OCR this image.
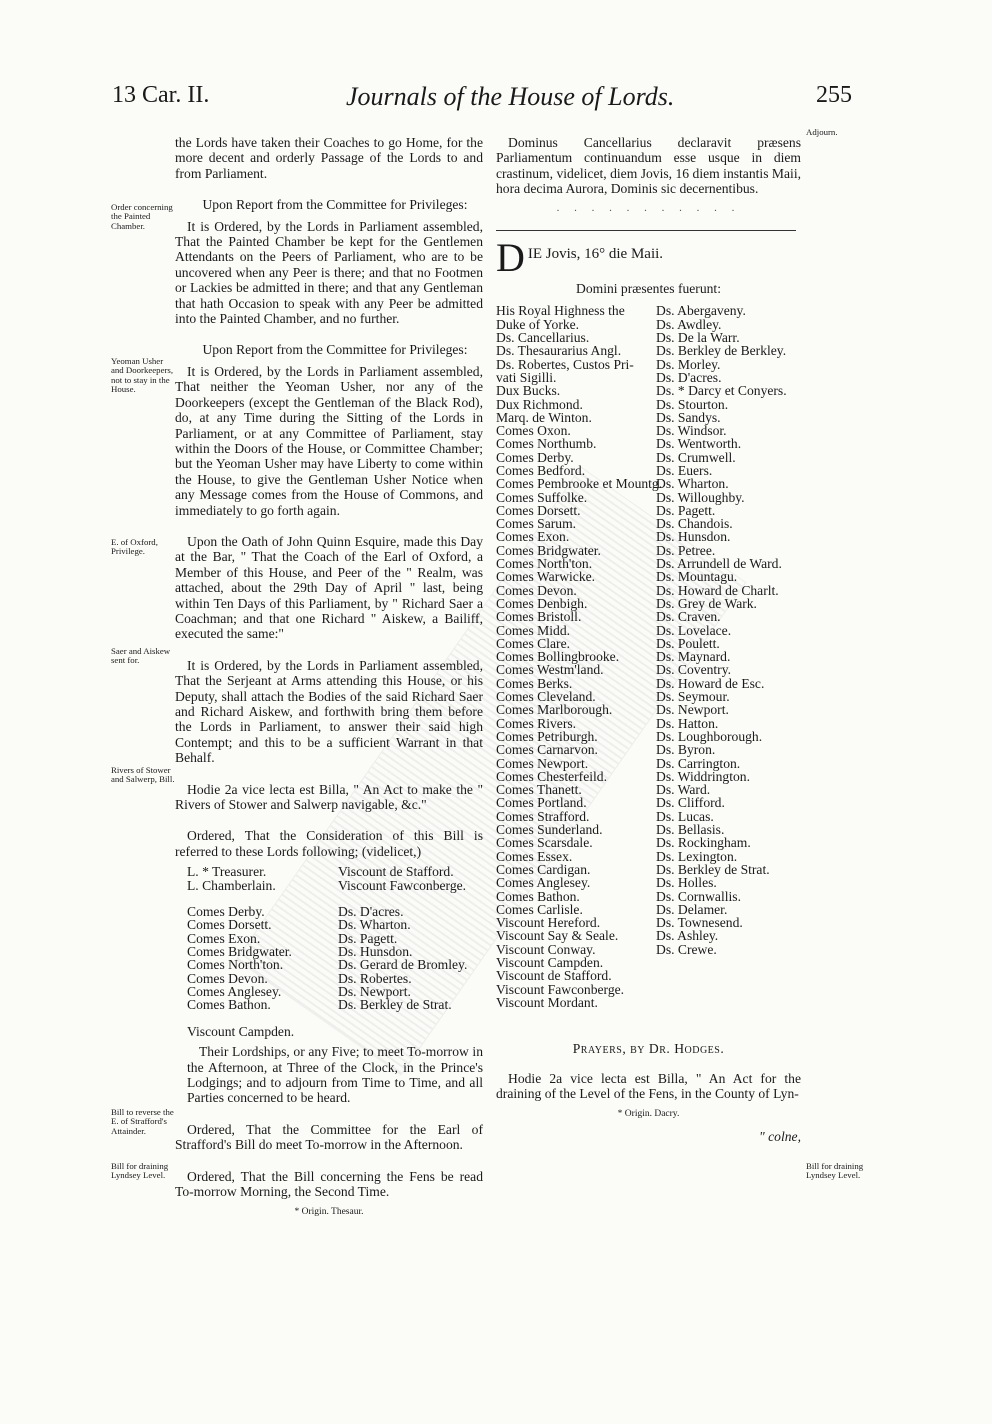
13 Car. II.	Journals of the House of Lords.	255
Order concerning the Painted Chamber.
Yeoman Usher and Doorkeepers, not to stay in the House.
E. of Oxford, Privilege.
Saer and Aiskew sent for.
Rivers of Stower and Salwerp, Bill.
Bill to reverse the E. of Strafford's Attainder.
Bill for draining Lyndsey Level.
Adjourn.
Bill for draining Lyndsey Level.

the Lords have taken their Coaches to go Home, for the more decent and orderly Passage of the Lords to and from Parliament.

Upon Report from the Committee for Privileges:

It is Ordered, by the Lords in Parliament assembled, That the Painted Chamber be kept for the Gentlemen Attendants on the Peers of Parliament, who are to be uncovered when any Peer is there; and that no Footmen or Lackies be admitted in there; and that any Gentleman that hath Occasion to speak with any Peer be admitted into the Painted Chamber, and no further.

Upon Report from the Committee for Privileges:

It is Ordered, by the Lords in Parliament assembled, That neither the Yeoman Usher, nor any of the Doorkeepers (except the Gentleman of the Black Rod), do, at any Time during the Sitting of the Lords in Parliament, or at any Committee of Parliament, stay within the Doors of the House, or Committee Chamber; but the Yeoman Usher may have Liberty to come within the House, to give the Gentleman Usher Notice when any Message comes from the House of Commons, and immediately to go forth again.

Upon the Oath of John Quinn Esquire, made this Day at the Bar, " That the Coach of the Earl of Oxford, a Member of this House, and Peer of the " Realm, was attached, about the 29th Day of April " last, being within Ten Days of this Parliament, by " Richard Saer a Coachman; and that one Richard " Aiskew, a Bailiff, executed the same:"

It is Ordered, by the Lords in Parliament assembled, That the Serjeant at Arms attending this House, or his Deputy, shall attach the Bodies of the said Richard Saer and Richard Aiskew, and forthwith bring them before the Lords in Parliament, to answer their said high Contempt; and this to be a sufficient Warrant in that Behalf.

Hodie 2a vice lecta est Billa, " An Act to make the " Rivers of Stower and Salwerp navigable, &c."

Ordered, That the Consideration of this Bill is referred to these Lords following; (videlicet,)

L. * Treasurer.
L. Chamberlain.

Comes Derby.
Comes Dorsett.
Comes Exon.
Comes Bridgwater.
Comes North'ton.
Comes Devon.
Comes Anglesey.
Comes Bathon.

Viscount Campden.
Viscount de Stafford.
Viscount Fawconberge.

Ds. D'acres.
Ds. Wharton.
Ds. Pagett.
Ds. Hunsdon.
Ds. Gerard de Bromley.
Ds. Robertes.
Ds. Newport.
Ds. Berkley de Strat.

Their Lordships, or any Five; to meet To-morrow in the Afternoon, at Three of the Clock, in the Prince's Lodgings; and to adjourn from Time to Time, and all Parties concerned to be heard.

Ordered, That the Committee for the Earl of Strafford's Bill do meet To-morrow in the Afternoon.

Ordered, That the Bill concerning the Fens be read To-morrow Morning, the Second Time.

* Origin. Thesaur.

Dominus Cancellarius declaravit præsens Parliamentum continuandum esse usque in diem crastinum, videlicet, diem Jovis, 16 diem instantis Maii, hora decima Aurora, Dominis sic decernentibus.

. . . . . . . . . . .
D IE Jovis, 16° die Maii.

Domini præsentes fuerunt:

His Royal Highness the
Duke of Yorke.
Ds. Cancellarius.
Ds. Thesaurarius Angl.
Ds. Robertes, Custos Pri-
vati Sigilli.
Dux Bucks.
Dux Richmond.
Marq. de Winton.
Comes Oxon.
Comes Northumb.
Comes Derby.
Comes Bedford.
Comes Pembrooke et Mountg.
Comes Suffolke.
Comes Dorsett.
Comes Sarum.
Comes Exon.
Comes Bridgwater.
Comes North'ton.
Comes Warwicke.
Comes Devon.
Comes Denbigh.
Comes Bristoll.
Comes Midd.
Comes Clare.
Comes Bollingbrooke.
Comes Westm'land.
Comes Berks.
Comes Cleveland.
Comes Marlborough.
Comes Rivers.
Comes Petriburgh.
Comes Carnarvon.
Comes Newport.
Comes Chesterfeild.
Comes Thanett.
Comes Portland.
Comes Strafford.
Comes Sunderland.
Comes Scarsdale.
Comes Essex.
Comes Cardigan.
Comes Anglesey.
Comes Bathon.
Comes Carlisle.
Viscount Hereford.
Viscount Say & Seale.
Viscount Conway.
Viscount Campden.
Viscount de Stafford.
Viscount Fawconberge.
Viscount Mordant.
Ds. Abergaveny.
Ds. Awdley.
Ds. De la Warr.
Ds. Berkley de Berkley.
Ds. Morley.
Ds. D'acres.
Ds. * Darcy et Conyers.
Ds. Stourton.
Ds. Sandys.
Ds. Windsor.
Ds. Wentworth.
Ds. Crumwell.
Ds. Euers.
Ds. Wharton.
Ds. Willoughby.
Ds. Pagett.
Ds. Chandois.
Ds. Hunsdon.
Ds. Petree.
Ds. Arrundell de Ward.
Ds. Mountagu.
Ds. Howard de Charlt.
Ds. Grey de Wark.
Ds. Craven.
Ds. Lovelace.
Ds. Poulett.
Ds. Maynard.
Ds. Coventry.
Ds. Howard de Esc.
Ds. Seymour.
Ds. Newport.
Ds. Hatton.
Ds. Loughborough.
Ds. Byron.
Ds. Carrington.
Ds. Widdrington.
Ds. Ward.
Ds. Clifford.
Ds. Lucas.
Ds. Bellasis.
Ds. Rockingham.
Ds. Lexington.
Ds. Berkley de Strat.
Ds. Holles.
Ds. Cornwallis.
Ds. Delamer.
Ds. Townesend.
Ds. Ashley.
Ds. Crewe.

Prayers, by Dr. Hodges.

Hodie 2a vice lecta est Billa, " An Act for the draining of the Level of the Fens, in the County of Lyn-

* Origin. Dacry.

" colne,
